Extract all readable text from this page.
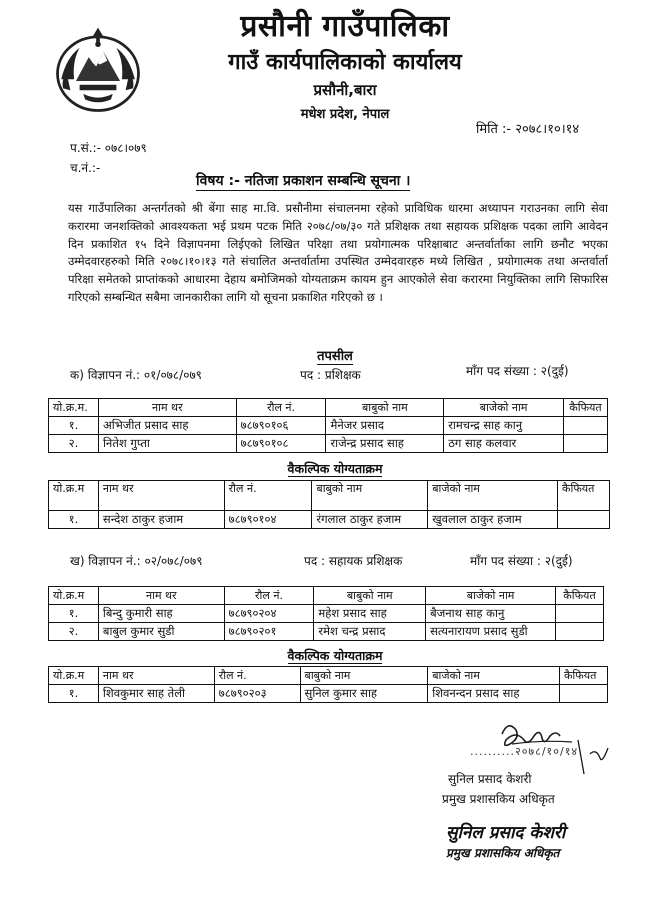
प्रसौनी गाउँपालिका
गाउँ कार्यपालिकाको कार्यालय
प्रसौनी,बारा
मधेश प्रदेश, नेपाल
मिति :- २०७८।१०।१४
प.सं.:- ०७८।०७९
च.नं.:-
विषय :- नतिजा प्रकाशन सम्बन्धि सूचना ।
यस गाउँपालिका अन्तर्गतको श्री बेंगा साह मा.वि. प्रसौनीमा संचालनमा रहेको प्राविधिक धारमा अध्यापन गराउनका लागि सेवा करारमा जनशक्तिको आवश्यकता भई प्रथम पटक मिति २०७८/०७/३० गते प्रशिक्षक तथा सहायक प्रशिक्षक पदका लागि आवेदन दिन प्रकाशित १५ दिने विज्ञापनमा लिईएको लिखित परिक्षा तथा प्रयोगात्मक परिक्षाबाट अन्तर्वार्ताका लागि छनौट भएका उम्मेदवारहरुको मिति २०७८।१०।१३ गते संचालित अन्तर्वार्तामा उपस्थित उम्मेदवारहरु मध्ये लिखित , प्रयोगात्मक तथा अन्तर्वार्ता परिक्षा समेतको प्राप्तांकको आधारमा देहाय बमोजिमको योग्यताक्रम कायम हुन आएकोले सेवा करारमा नियुक्तिका लागि सिफारिस गरिएको सम्बन्धित सबैमा जानकारीका लागि यो सूचना प्रकाशित गरिएको छ ।
तपसील
क) विज्ञापन नं.: ०१/०७८/०७९	पद : प्रशिक्षक	माँग पद संख्या : २(दुई)
यो.क्र.म.	नाम थर	रौल नं.	बाबुको नाम	बाजेको नाम	कैफियत
१.	अभिजीत प्रसाद साह	७८७९०१०६	मैनेजर प्रसाद	रामचन्द्र साह कानु	
२.	नितेश गुप्ता	७८७९०१०८	राजेन्द्र प्रसाद साह	ठग साह कलवार	
वैकल्पिक योग्यताक्रम
यो.क्र.म	नाम थर	रौल नं.	बाबुको नाम	बाजेको नाम	कैफियत
१.	सन्देश ठाकुर हजाम	७८७९०१०४	रंगलाल ठाकुर हजाम	खुवलाल ठाकुर हजाम	
ख) विज्ञापन नं.: ०२/०७८/०७९	पद : सहायक प्रशिक्षक	माँग पद संख्या : २(दुई)
यो.क्र.म	नाम थर	रौल नं.	बाबुको नाम	बाजेको नाम	कैफियत
१.	बिन्दु कुमारी साह	७८७९०२०४	महेश प्रसाद साह	बैजनाथ साह कानु	
२.	बाबुल कुमार सुडी	७८७९०२०१	रमेश चन्द्र प्रसाद	सत्यनारायण प्रसाद सुडी	
वैकल्पिक योग्यताक्रम
यो.क्र.म	नाम थर	रौल नं.	बाबुको नाम	बाजेको नाम	कैफियत
१.	शिवकुमार साह तेली	७८७९०२०३	सुनिल कुमार साह	शिवनन्दन प्रसाद साह	
..........२०७८/१०/१४
सुनिल प्रसाद केशरी
प्रमुख प्रशासकिय अधिकृत
सुनिल प्रसाद केशरी
प्रमुख प्रशासकिय अधिकृत
